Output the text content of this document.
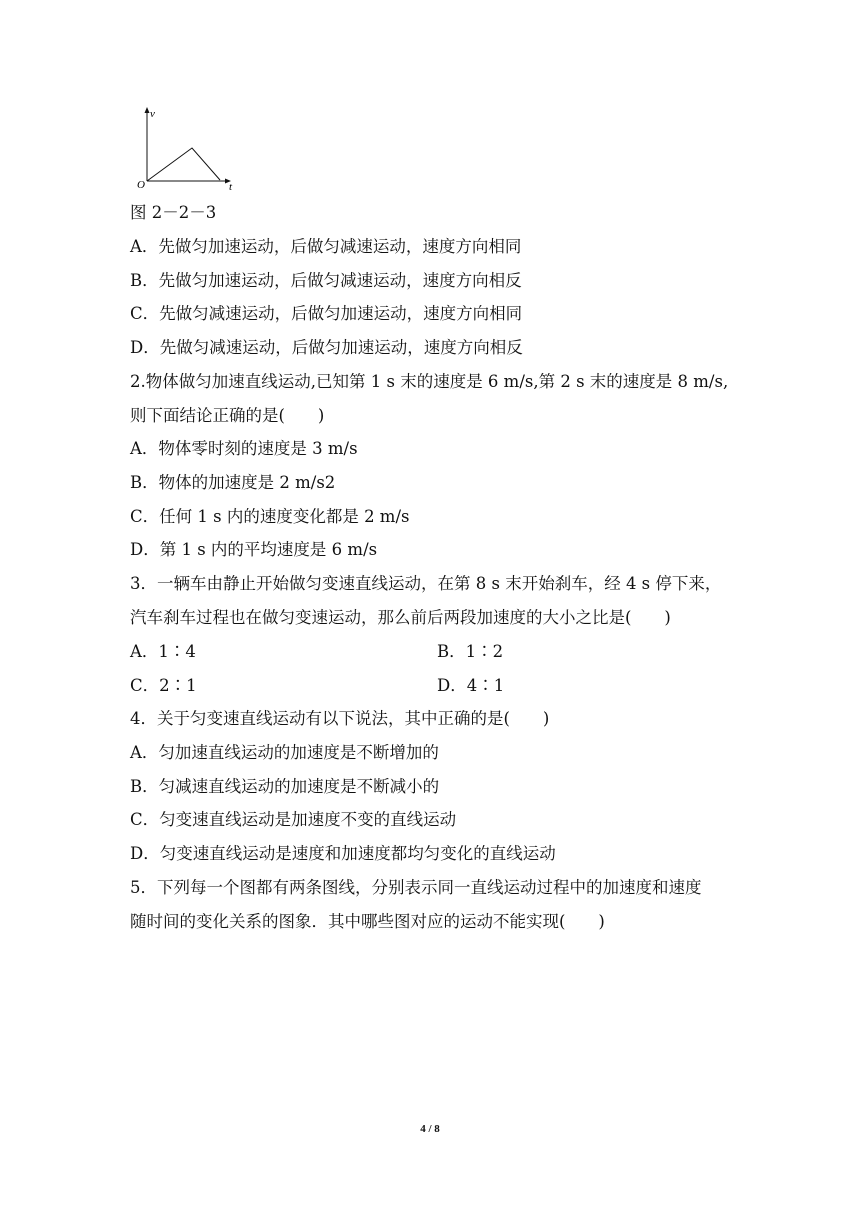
v
t
O
图 2－2－3
A．先做匀加速运动，后做匀减速运动，速度方向相同
B．先做匀加速运动，后做匀减速运动，速度方向相反
C．先做匀减速运动，后做匀加速运动，速度方向相同
D．先做匀减速运动，后做匀加速运动，速度方向相反
2.物体做匀加速直线运动,已知第 1 s 末的速度是 6 m/s,第 2 s 末的速度是 8 m/s,
则下面结论正确的是(　　)
A．物体零时刻的速度是 3 m/s
B．物体的加速度是 2 m/s2
C．任何 1 s 内的速度变化都是 2 m/s
D．第 1 s 内的平均速度是 6 m/s
3．一辆车由静止开始做匀变速直线运动，在第 8 s 末开始刹车，经 4 s 停下来，
汽车刹车过程也在做匀变速运动，那么前后两段加速度的大小之比是(　　)
A．1∶4	B．1∶2
C．2∶1	D．4∶1
4．关于匀变速直线运动有以下说法，其中正确的是(　　)
A．匀加速直线运动的加速度是不断增加的
B．匀减速直线运动的加速度是不断减小的
C．匀变速直线运动是加速度不变的直线运动
D．匀变速直线运动是速度和加速度都均匀变化的直线运动
5．下列每一个图都有两条图线，分别表示同一直线运动过程中的加速度和速度
随时间的变化关系的图象．其中哪些图对应的运动不能实现(　　)
4 / 8
